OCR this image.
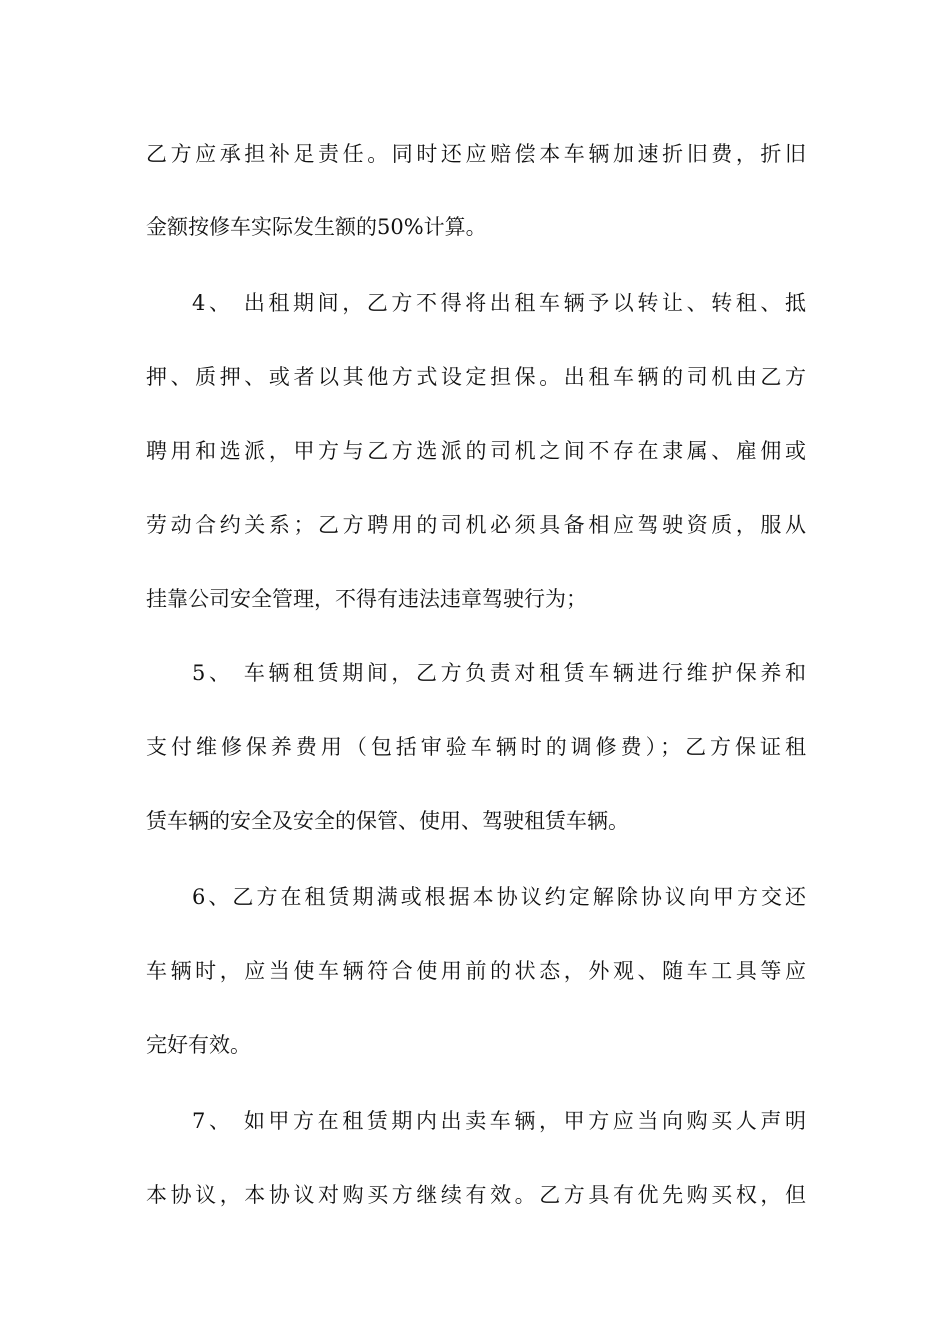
乙方应承担补足责任。同时还应赔偿本车辆加速折旧费，折旧
金额按修车实际发生额的50%计算。
4、 出租期间，乙方不得将出租车辆予以转让、转租、抵
押、质押、或者以其他方式设定担保。出租车辆的司机由乙方
聘用和选派，甲方与乙方选派的司机之间不存在隶属、雇佣或
劳动合约关系；乙方聘用的司机必须具备相应驾驶资质，服从
挂靠公司安全管理，不得有违法违章驾驶行为；
5、 车辆租赁期间，乙方负责对租赁车辆进行维护保养和
支付维修保养费用（包括审验车辆时的调修费）；乙方保证租
赁车辆的安全及安全的保管、使用、驾驶租赁车辆。
6、乙方在租赁期满或根据本协议约定解除协议向甲方交还
车辆时，应当使车辆符合使用前的状态，外观、随车工具等应
完好有效。
7、 如甲方在租赁期内出卖车辆，甲方应当向购买人声明
本协议，本协议对购买方继续有效。乙方具有优先购买权，但
